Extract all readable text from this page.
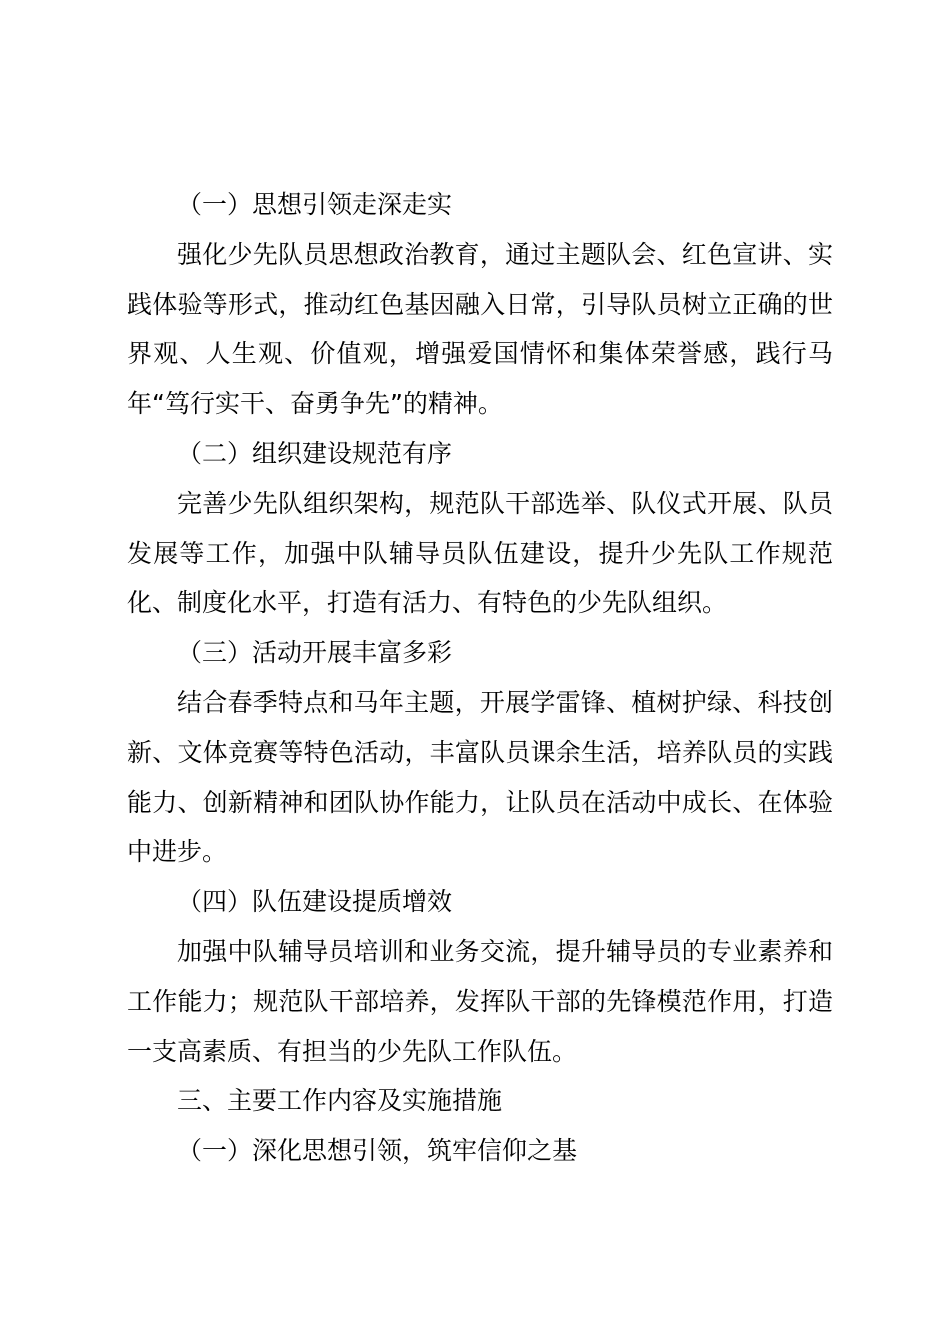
（一）思想引领走深走实

强化少先队员思想政治教育，通过主题队会、红色宣讲、实践体验等形式，推动红色基因融入日常，引导队员树立正确的世界观、人生观、价值观，增强爱国情怀和集体荣誉感，践行马年“笃行实干、奋勇争先”的精神。

（二）组织建设规范有序

完善少先队组织架构，规范队干部选举、队仪式开展、队员发展等工作，加强中队辅导员队伍建设，提升少先队工作规范化、制度化水平，打造有活力、有特色的少先队组织。

（三）活动开展丰富多彩

结合春季特点和马年主题，开展学雷锋、植树护绿、科技创新、文体竞赛等特色活动，丰富队员课余生活，培养队员的实践能力、创新精神和团队协作能力，让队员在活动中成长、在体验中进步。

（四）队伍建设提质增效

加强中队辅导员培训和业务交流，提升辅导员的专业素养和工作能力；规范队干部培养，发挥队干部的先锋模范作用，打造一支高素质、有担当的少先队工作队伍。

三、主要工作内容及实施措施

（一）深化思想引领，筑牢信仰之基
